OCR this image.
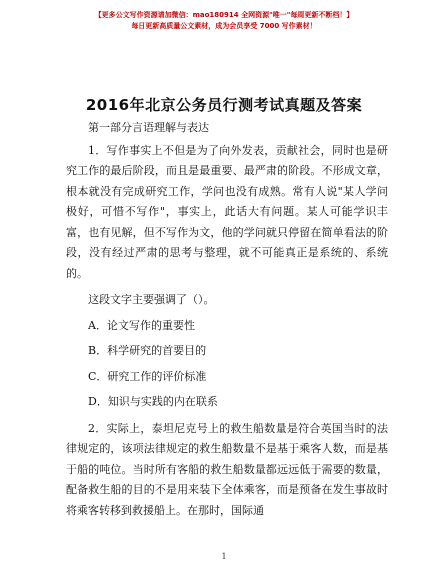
【更多公文写作资源请加微信：mao180914 全网资源"唯一"每周更新不断档！】
每日更新高质量公文素材，成为会员享受 7000 写作素材！
2016年北京公务员行测考试真题及答案

第一部分言语理解与表达

1．写作事实上不但是为了向外发表，贡献社会，同时也是研究工作的最后阶段，而且是最重要、最严肃的阶段。不形成文章，根本就没有完成研究工作，学问也没有成熟。常有人说"某人学问极好，可惜不写作"，事实上，此话大有问题。某人可能学识丰富，也有见解，但不写作为文，他的学问就只停留在简单看法的阶段，没有经过严肃的思考与整理，就不可能真正是系统的、系统的。

这段文字主要强调了（）。

A．论文写作的重要性

B．科学研究的首要目的

C．研究工作的评价标准

D．知识与实践的内在联系

2．实际上，泰坦尼克号上的救生船数量是符合英国当时的法律规定的，该项法律规定的救生船数量不是基于乘客人数，而是基于船的吨位。当时所有客船的救生船数量都远远低于需要的数量，配备救生船的目的不是用来装下全体乘客，而是预备在发生事故时将乘客转移到救援船上。在那时，国际通

1
